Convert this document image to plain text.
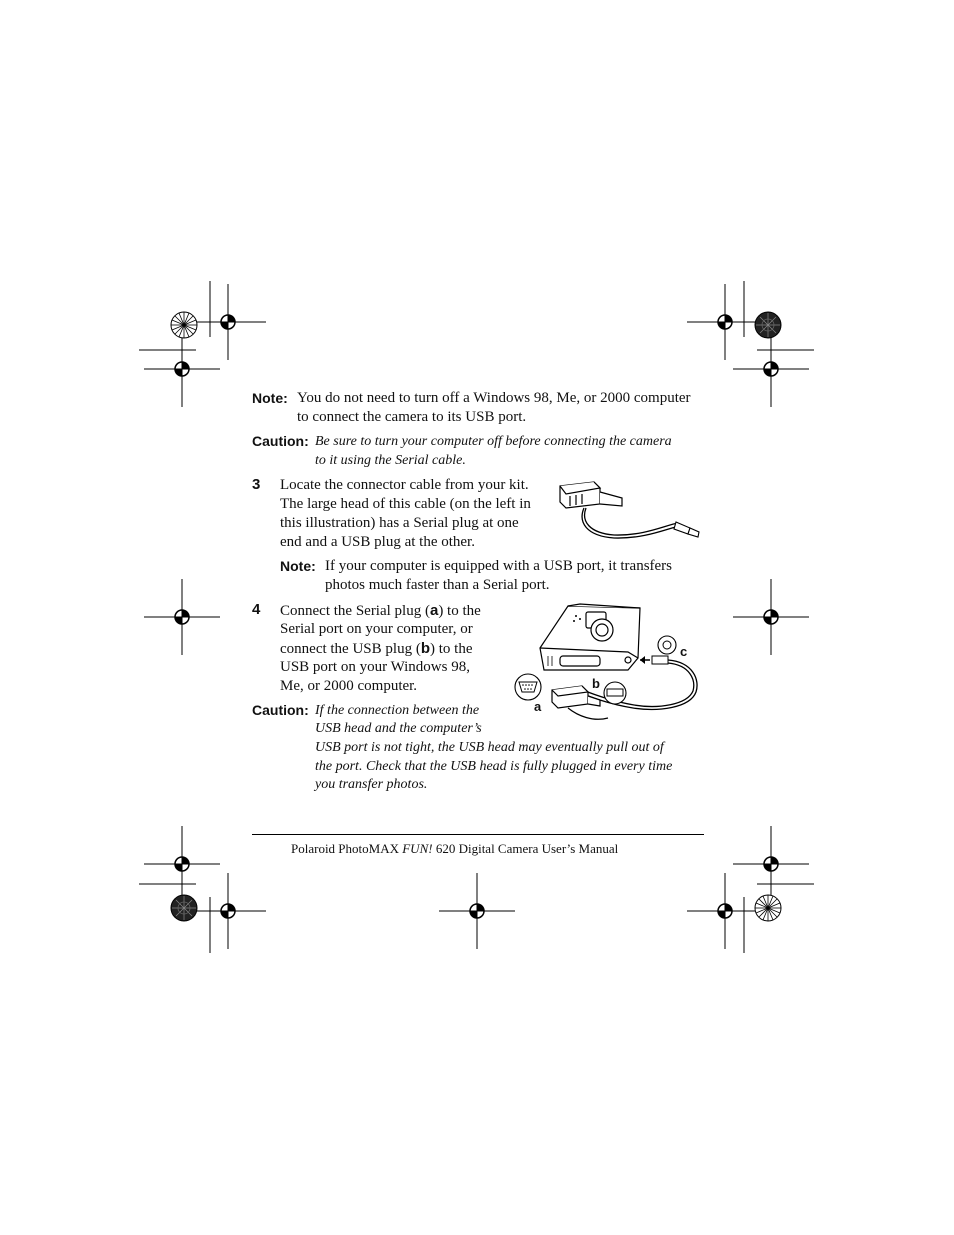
Note: You do not need to turn off a Windows 98, Me, or 2000 computer
to connect the camera to its USB port.
Caution: Be sure to turn your computer off before connecting the camera
to it using the Serial cable.
3 Locate the connector cable from your kit.
The large head of this cable (on the left in
this illustration) has a Serial plug at one
end and a USB plug at the other.
Note: If your computer is equipped with a USB port, it transfers
photos much faster than a Serial port.
4 Connect the Serial plug (a) to the
Serial port on your computer, or
connect the USB plug (b) to the
USB port on your Windows 98,
Me, or 2000 computer.
c
b
a
Caution: If the connection between the
USB head and the computer’s
USB port is not tight, the USB head may eventually pull out of
the port. Check that the USB head is fully plugged in every time
you transfer photos.
Polaroid PhotoMAX FUN! 620 Digital Camera User’s Manual
